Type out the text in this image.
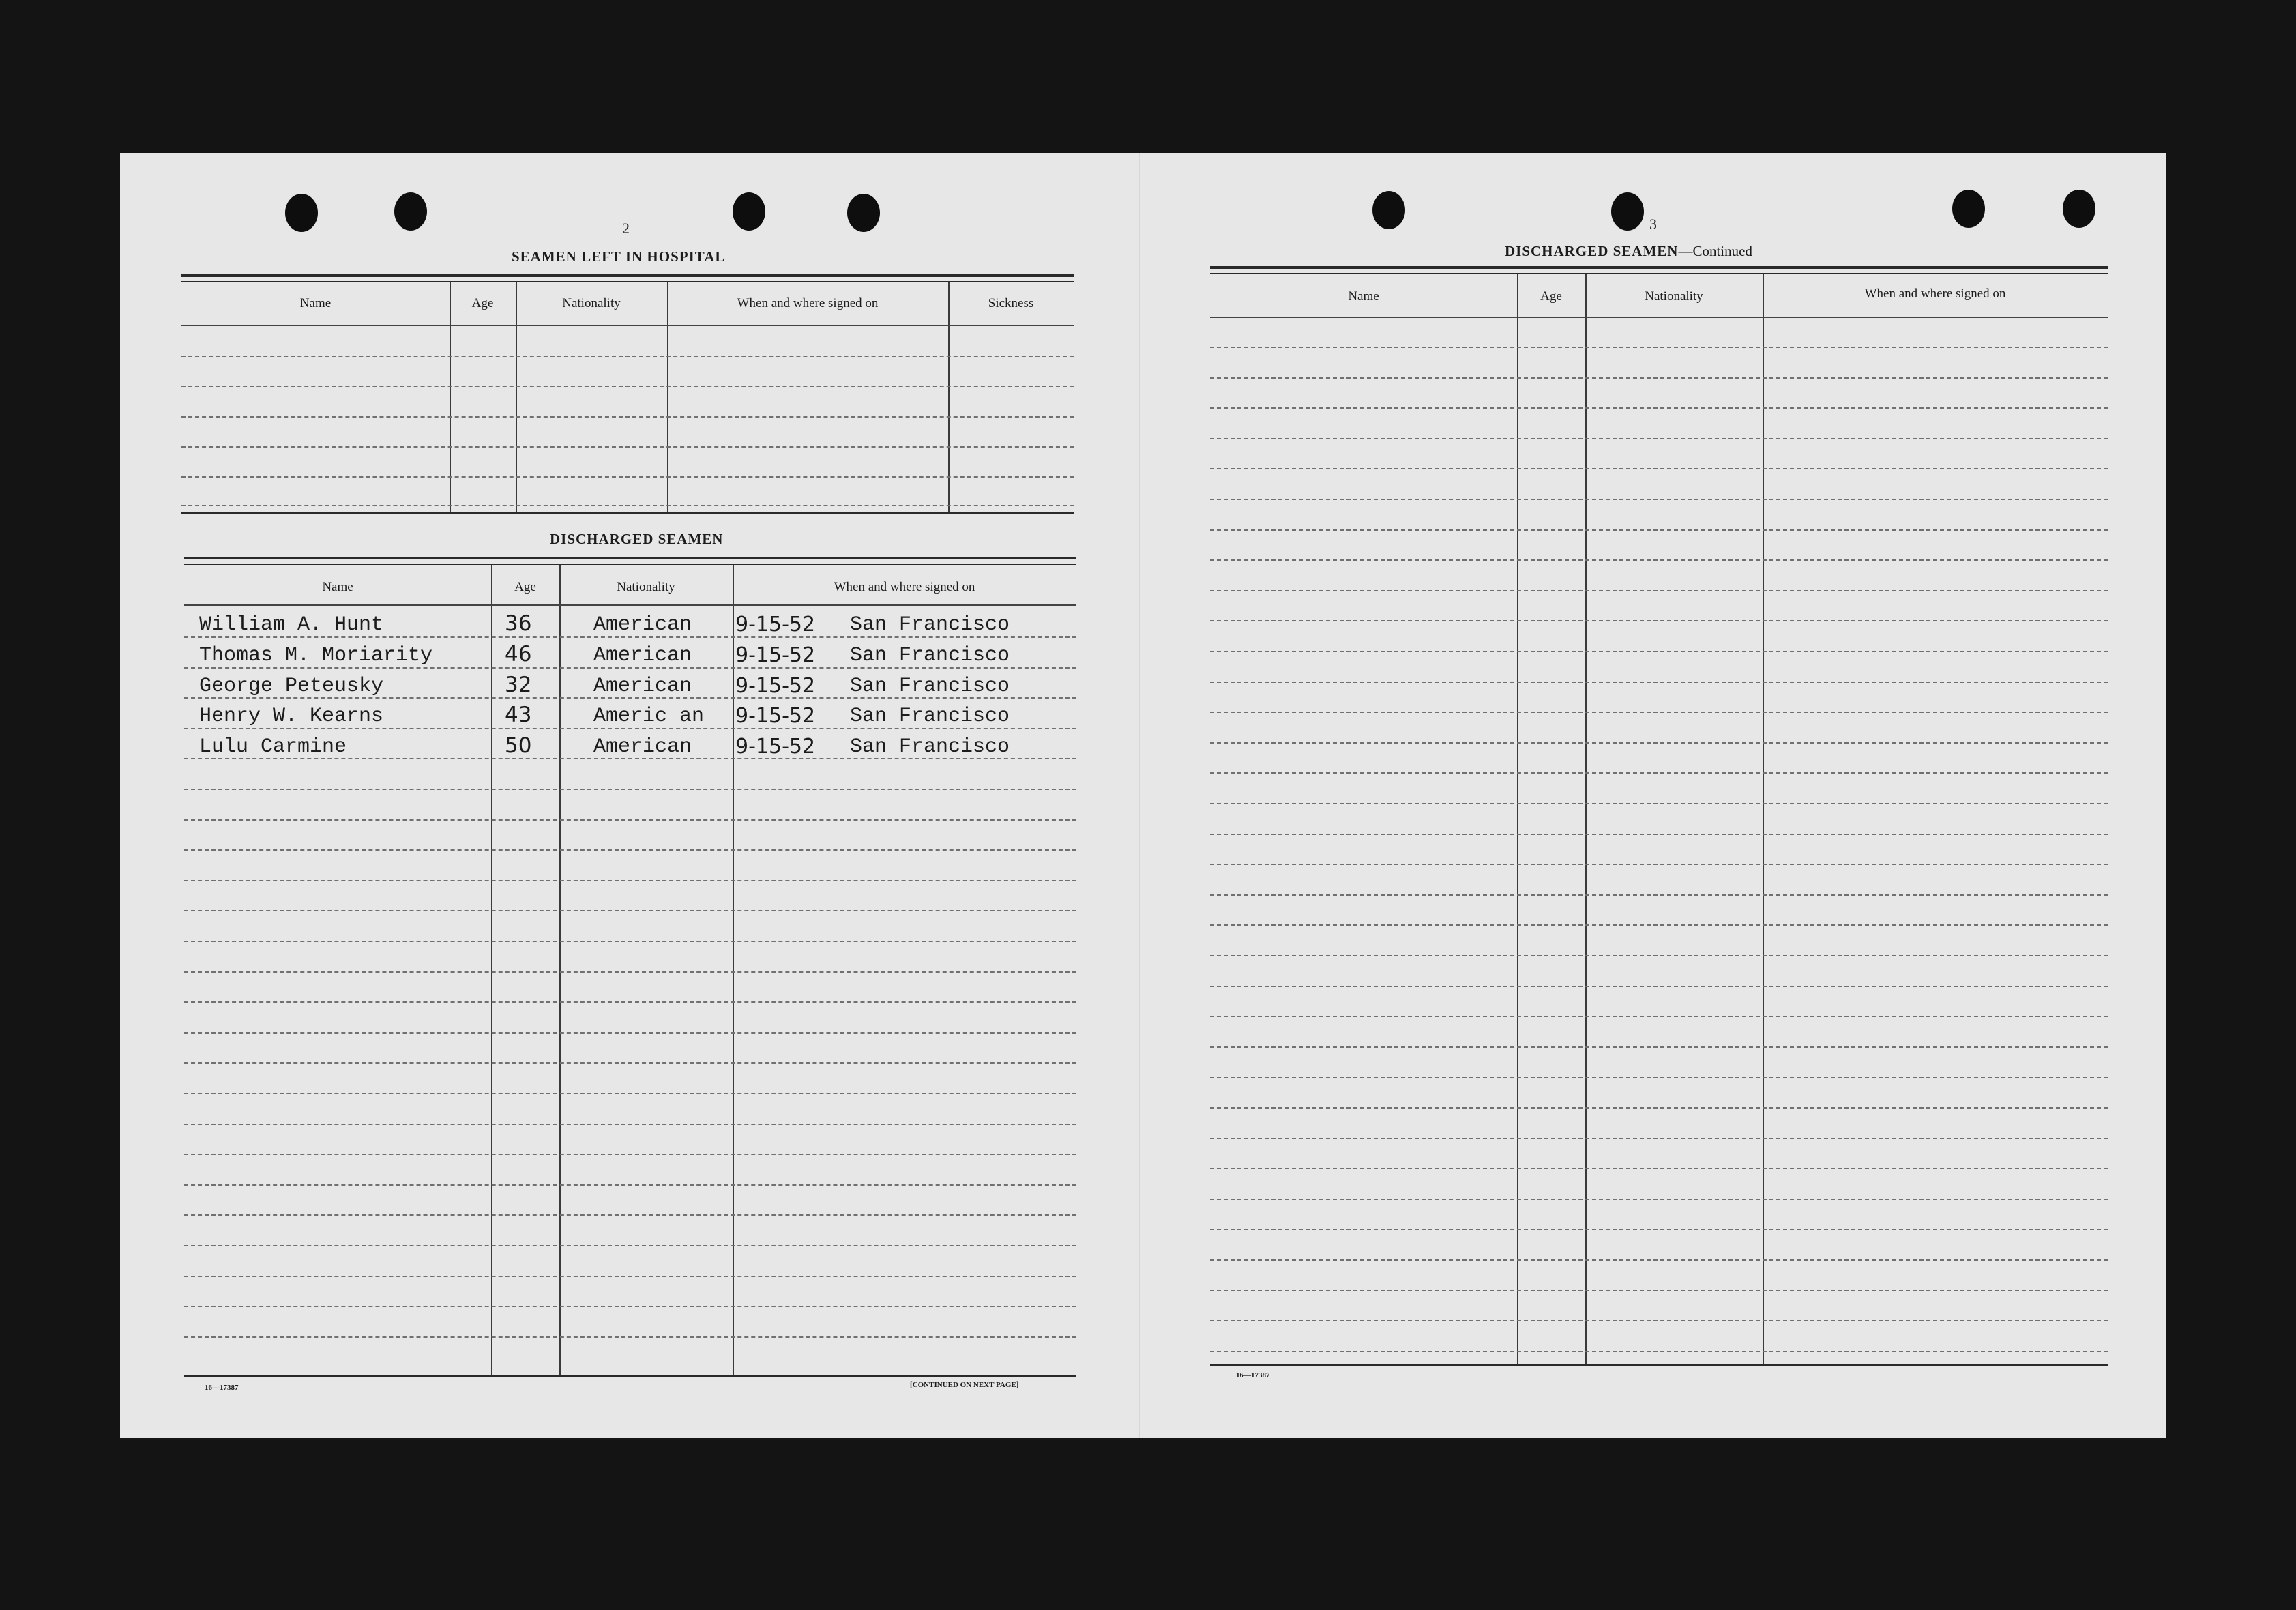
2
SEAMEN LEFT IN HOSPITAL
Name	Age	Nationality	When and where signed on	Sickness
DISCHARGED SEAMEN
Name	Age	Nationality	When and where signed on
William A. Hunt	36	American 9-15-52 San Francisco
Thomas M. Moriarity	46	American 9-15-52 San Francisco
George Peteusky	32	American 9-15-52 San Francisco
Henry W. Kearns	43	Americ an 9-15-52 San Francisco
Lulu Carmine	50	American 9-15-52 San Francisco
16—17387	[CONTINUED ON NEXT PAGE]
3
DISCHARGED SEAMEN—Continued
Name	Age	Nationality	When and where signed on
16—17387
